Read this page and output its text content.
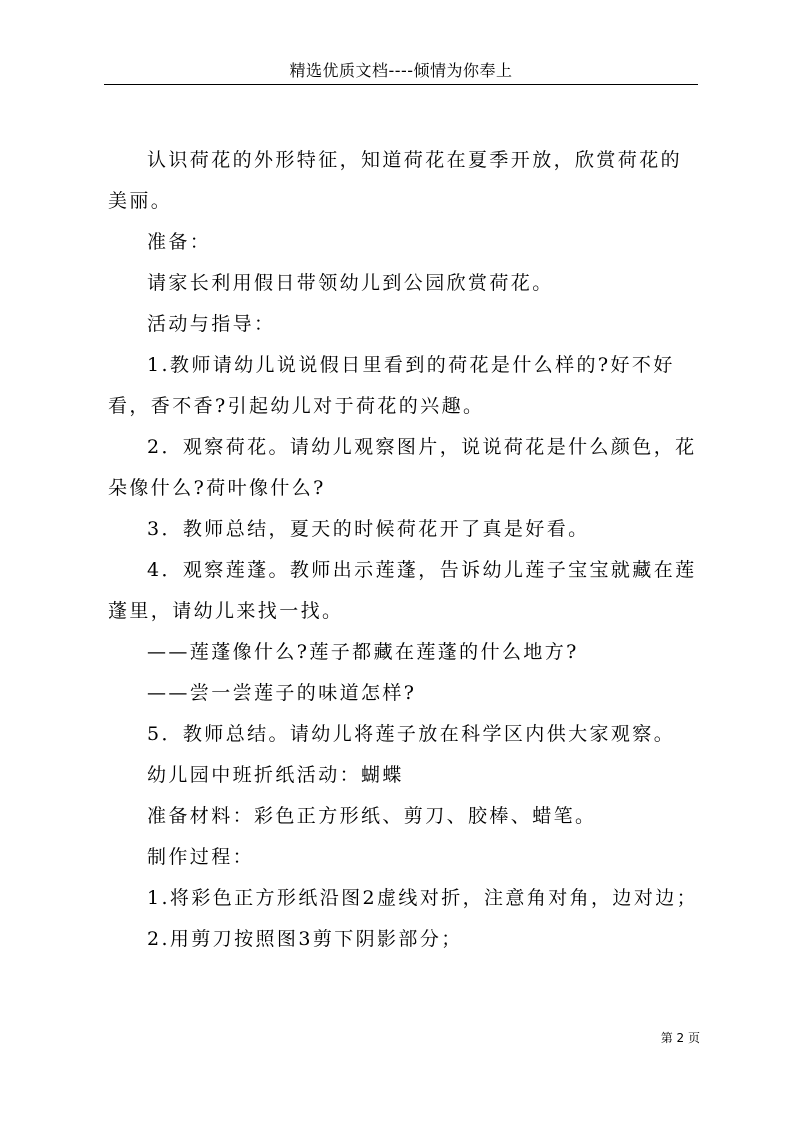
精选优质文档----倾情为你奉上

认识荷花的外形特征，知道荷花在夏季开放，欣赏荷花的美丽。

准备：

请家长利用假日带领幼儿到公园欣赏荷花。

活动与指导：

1.教师请幼儿说说假日里看到的荷花是什么样的?好不好看，香不香?引起幼儿对于荷花的兴趣。

2．观察荷花。请幼儿观察图片，说说荷花是什么颜色，花朵像什么?荷叶像什么?

3．教师总结，夏天的时候荷花开了真是好看。

4．观察莲蓬。教师出示莲蓬，告诉幼儿莲子宝宝就藏在莲蓬里，请幼儿来找一找。

——莲蓬像什么?莲子都藏在莲蓬的什么地方?

——尝一尝莲子的味道怎样?

5．教师总结。请幼儿将莲子放在科学区内供大家观察。

幼儿园中班折纸活动：蝴蝶

准备材料：彩色正方形纸、剪刀、胶棒、蜡笔。

制作过程：

1.将彩色正方形纸沿图2虚线对折，注意角对角，边对边；

2.用剪刀按照图3剪下阴影部分；

第 2 页
